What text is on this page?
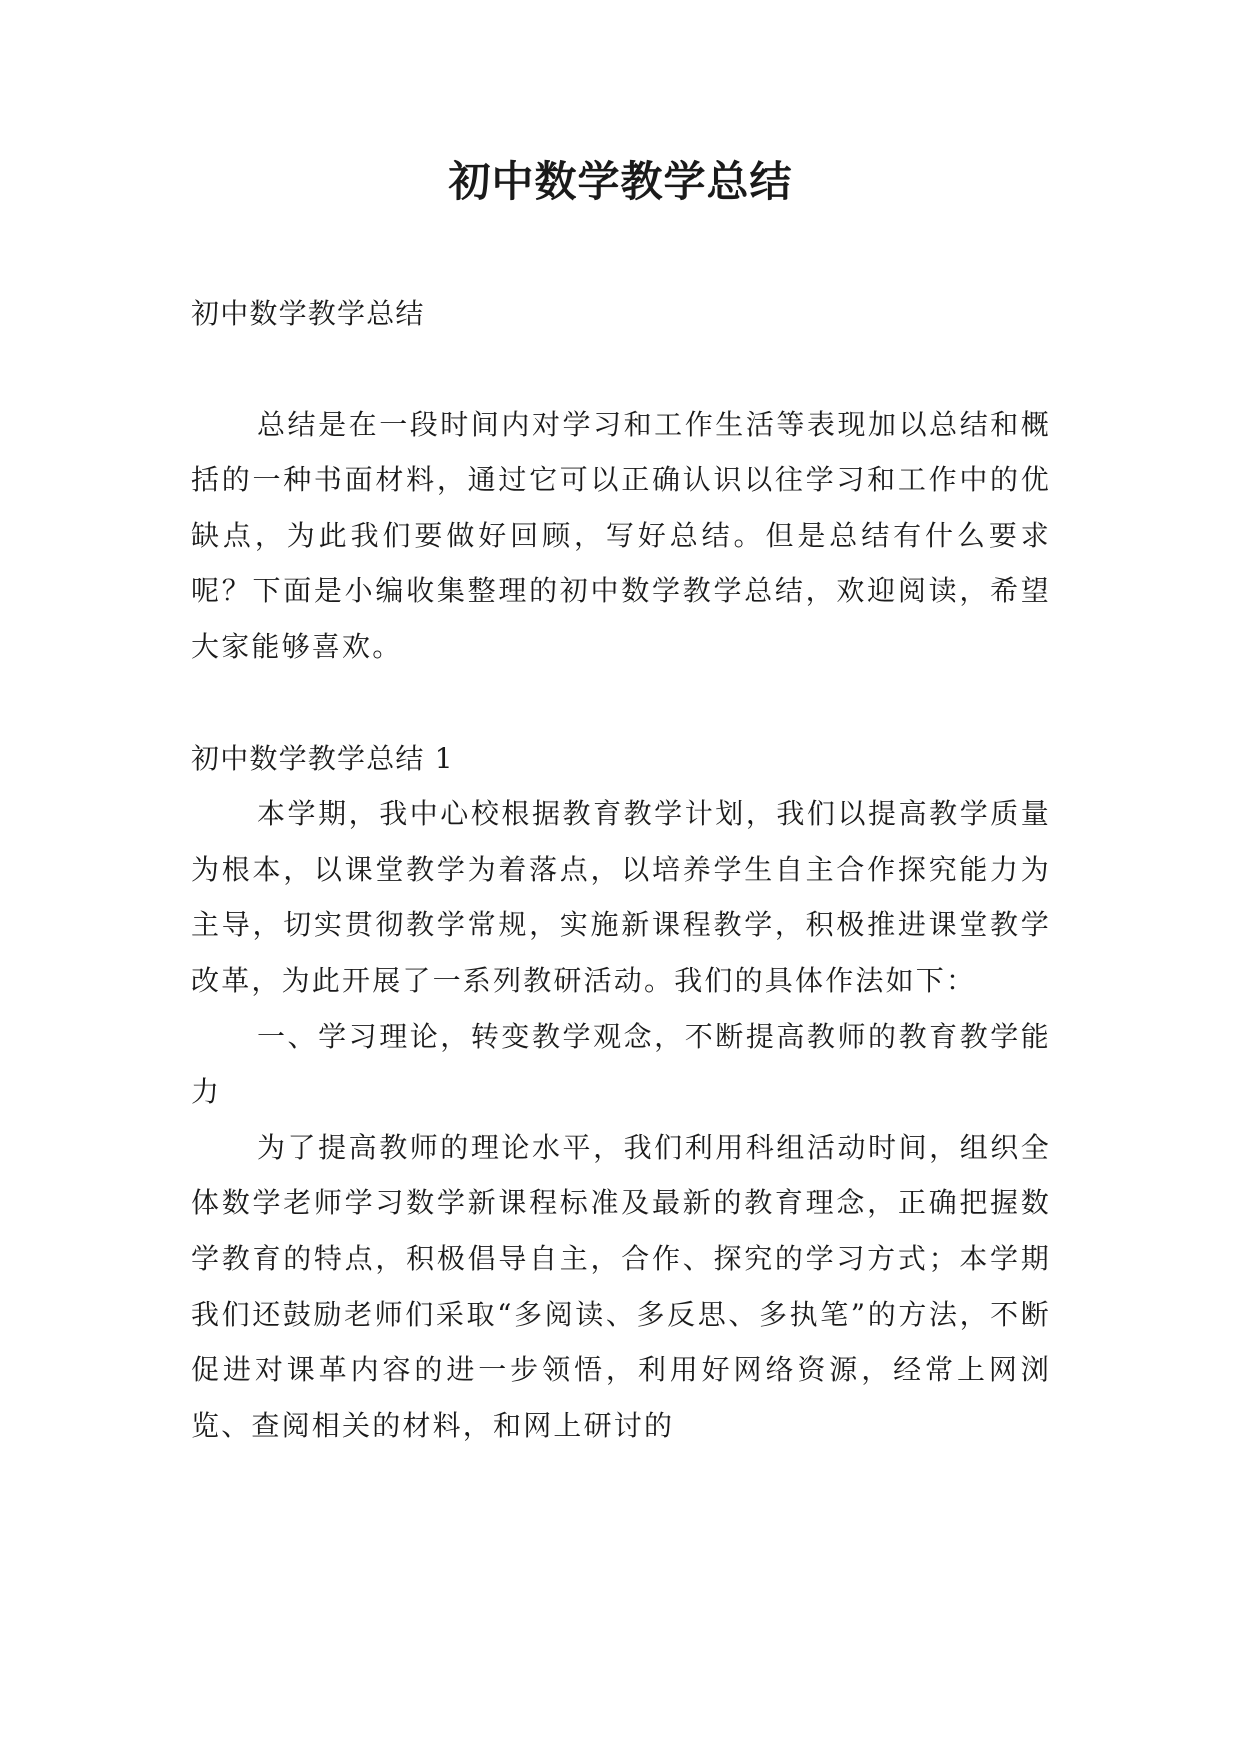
初中数学教学总结

初中数学教学总结

总结是在一段时间内对学习和工作生活等表现加以总结和概括的一种书面材料，通过它可以正确认识以往学习和工作中的优缺点，为此我们要做好回顾，写好总结。但是总结有什么要求呢？下面是小编收集整理的初中数学教学总结，欢迎阅读，希望大家能够喜欢。

初中数学教学总结 1

本学期，我中心校根据教育教学计划，我们以提高教学质量为根本，以课堂教学为着落点，以培养学生自主合作探究能力为主导，切实贯彻教学常规，实施新课程教学，积极推进课堂教学改革，为此开展了一系列教研活动。我们的具体作法如下：

一、学习理论，转变教学观念，不断提高教师的教育教学能力

为了提高教师的理论水平，我们利用科组活动时间，组织全体数学老师学习数学新课程标准及最新的教育理念，正确把握数学教育的特点，积极倡导自主，合作、探究的学习方式；本学期我们还鼓励老师们采取“多阅读、多反思、多执笔”的方法，不断促进对课革内容的进一步领悟，利用好网络资源，经常上网浏览、查阅相关的材料，和网上研讨的
